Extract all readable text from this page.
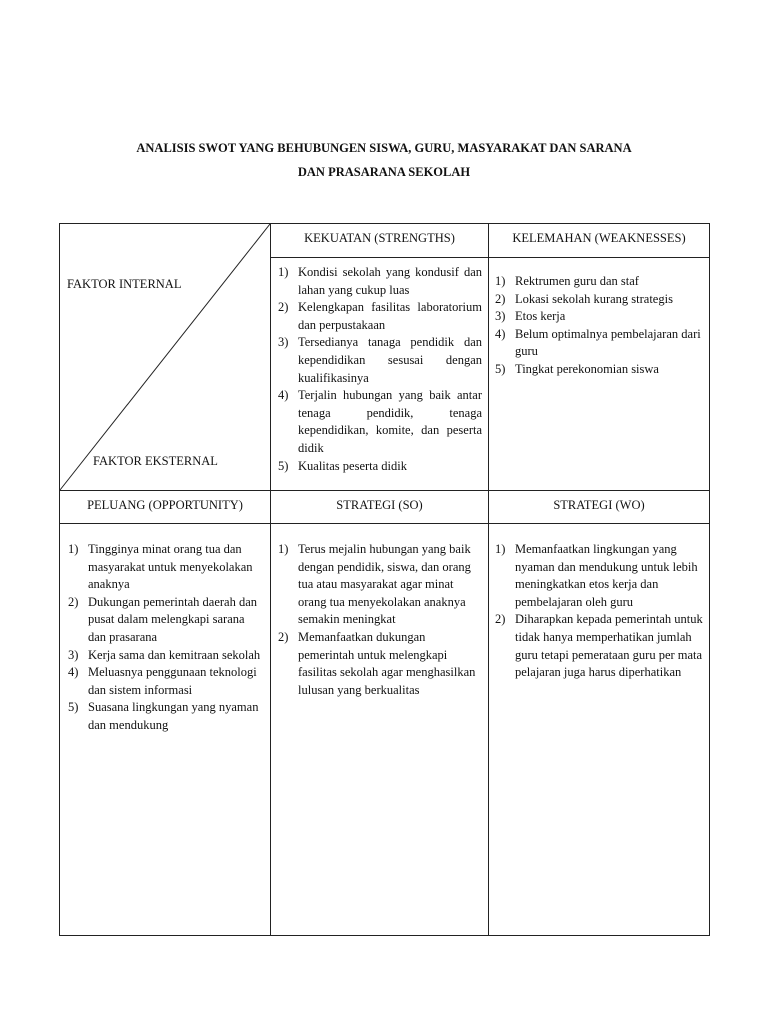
ANALISIS SWOT YANG BEHUBUNGEN SISWA, GURU, MASYARAKAT DAN SARANA
DAN PRASARANA SEKOLAH
FAKTOR INTERNAL
FAKTOR EKSTERNAL
KEKUATAN (STRENGTHS)	KELEMAHAN (WEAKNESSES)
1) Kondisi sekolah yang kondusif dan lahan yang cukup luas
2) Kelengkapan fasilitas laboratorium dan perpustakaan
3) Tersedianya tanaga pendidik dan kependidikan sesusai dengan kualifikasinya
4) Terjalin hubungan yang baik antar tenaga pendidik, tenaga kependidikan, komite, dan peserta didik
5) Kualitas peserta didik
1) Rektrumen guru dan staf
2) Lokasi sekolah kurang strategis
3) Etos kerja
4) Belum optimalnya pembelajaran dari guru
5) Tingkat perekonomian siswa
PELUANG (OPPORTUNITY)	STRATEGI (SO)	STRATEGI (WO)
1) Tingginya minat orang tua dan masyarakat untuk menyekolakan anaknya
2) Dukungan pemerintah daerah dan pusat dalam melengkapi sarana dan prasarana
3) Kerja sama dan kemitraan sekolah
4) Meluasnya penggunaan teknologi dan sistem informasi
5) Suasana lingkungan yang nyaman dan mendukung
1) Terus mejalin hubungan yang baik dengan pendidik, siswa, dan orang tua atau masyarakat agar minat orang tua menyekolakan anaknya semakin meningkat
2) Memanfaatkan dukungan pemerintah untuk melengkapi fasilitas sekolah agar menghasilkan lulusan yang berkualitas
1) Memanfaatkan lingkungan yang nyaman dan mendukung untuk lebih meningkatkan etos kerja dan pembelajaran oleh guru
2) Diharapkan kepada pemerintah untuk tidak hanya memperhatikan jumlah guru tetapi pemerataan guru per mata pelajaran juga harus diperhatikan
